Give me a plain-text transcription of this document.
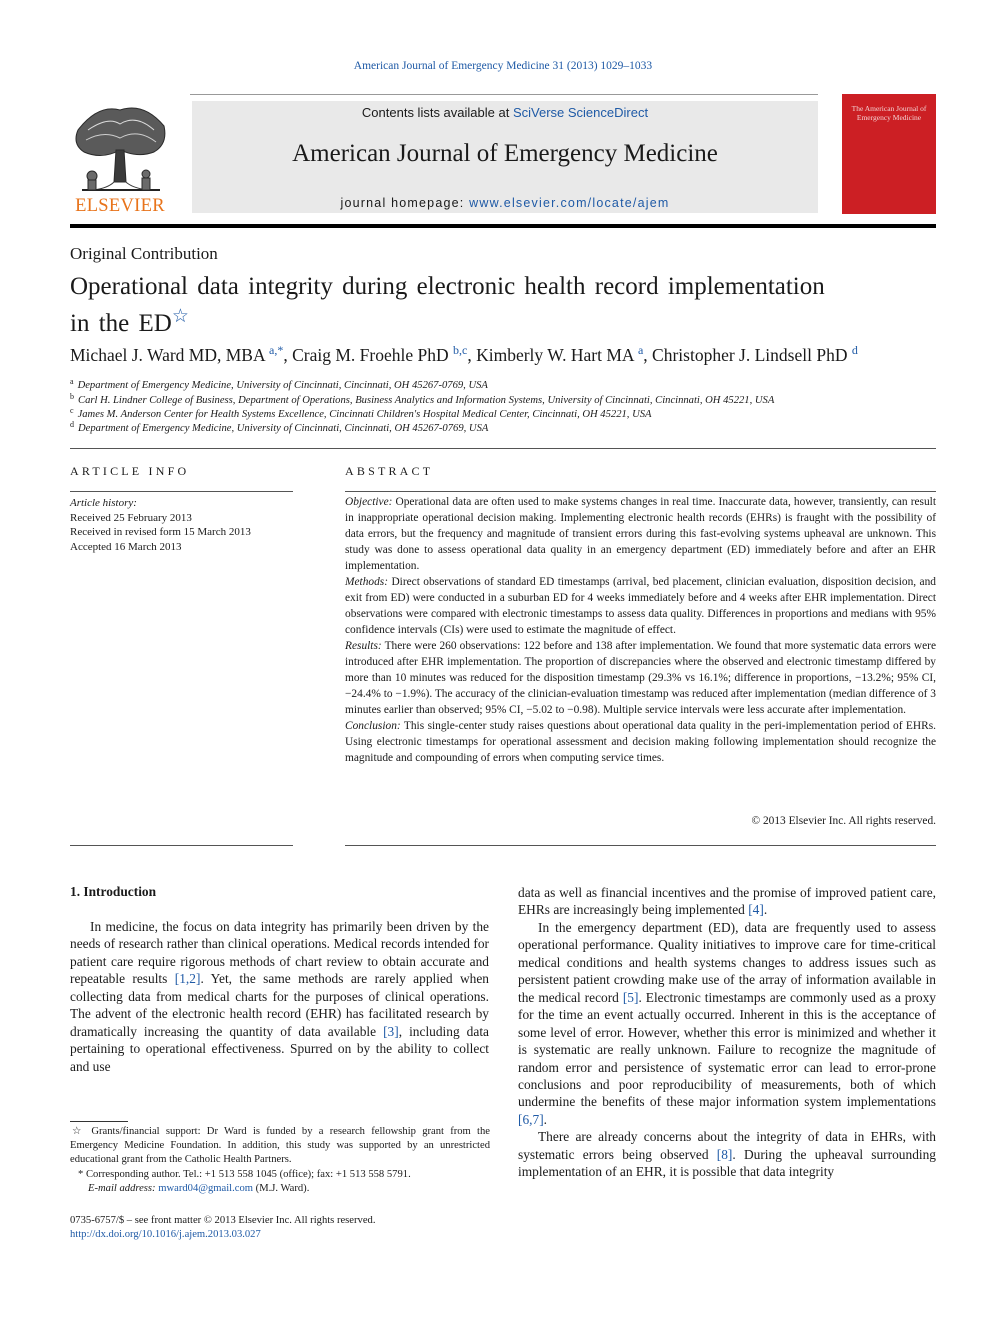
American Journal of Emergency Medicine 31 (2013) 1029–1033
ELSEVIER
Contents lists available at SciVerse ScienceDirect
American Journal of Emergency Medicine
journal homepage: www.elsevier.com/locate/ajem
The American Journal of Emergency Medicine
Original Contribution
Operational data integrity during electronic health record implementation
in the ED☆
Michael J. Ward MD, MBA $^{a,*}$, Craig M. Froehle PhD $^{b,c}$, Kimberly W. Hart MA $^a$, Christopher J. Lindsell PhD $^d$
$^a$ Department of Emergency Medicine, University of Cincinnati, Cincinnati, OH 45267-0769, USA
$^b$ Carl H. Lindner College of Business, Department of Operations, Business Analytics and Information Systems, University of Cincinnati, Cincinnati, OH 45221, USA
$^c$ James M. Anderson Center for Health Systems Excellence, Cincinnati Children's Hospital Medical Center, Cincinnati, OH 45221, USA
$^d$ Department of Emergency Medicine, University of Cincinnati, Cincinnati, OH 45267-0769, USA
ARTICLE INFO
Article history:
Received 25 February 2013
Received in revised form 15 March 2013
Accepted 16 March 2013
ABSTRACT

Objective: Operational data are often used to make systems changes in real time. Inaccurate data, however, transiently, can result in inappropriate operational decision making. Implementing electronic health records (EHRs) is fraught with the possibility of data errors, but the frequency and magnitude of transient errors during this fast-evolving systems upheaval are unknown. This study was done to assess operational data quality in an emergency department (ED) immediately before and after an EHR implementation.

Methods: Direct observations of standard ED timestamps (arrival, bed placement, clinician evaluation, disposition decision, and exit from ED) were conducted in a suburban ED for 4 weeks immediately before and 4 weeks after EHR implementation. Direct observations were compared with electronic timestamps to assess data quality. Differences in proportions and medians with 95% confidence intervals (CIs) were used to estimate the magnitude of effect.

Results: There were 260 observations: 122 before and 138 after implementation. We found that more systematic data errors were introduced after EHR implementation. The proportion of discrepancies where the observed and electronic timestamp differed by more than 10 minutes was reduced for the disposition timestamp (29.3% vs 16.1%; difference in proportions, −13.2%; 95% CI, −24.4% to −1.9%). The accuracy of the clinician-evaluation timestamp was reduced after implementation (median difference of 3 minutes earlier than observed; 95% CI, −5.02 to −0.98). Multiple service intervals were less accurate after implementation.

Conclusion: This single-center study raises questions about operational data quality in the peri-implementation period of EHRs. Using electronic timestamps for operational assessment and decision making following implementation should recognize the magnitude and compounding of errors when computing service times.

© 2013 Elsevier Inc. All rights reserved.
1. Introduction

In medicine, the focus on data integrity has primarily been driven by the needs of research rather than clinical operations. Medical records intended for patient care require rigorous methods of chart review to obtain accurate and repeatable results [1,2]. Yet, the same methods are rarely applied when collecting data from medical charts for the purposes of clinical operations. The advent of the electronic health record (EHR) has facilitated research by dramatically increasing the quantity of data available [3], including data pertaining to operational effectiveness. Spurred on by the ability to collect and use

☆ Grants/financial support: Dr Ward is funded by a research fellowship grant from the Emergency Medicine Foundation. In addition, this study was supported by an unrestricted educational grant from the Catholic Health Partners.

* Corresponding author. Tel.: +1 513 558 1045 (office); fax: +1 513 558 5791.

E-mail address: mward04@gmail.com (M.J. Ward).

0735-6757/$ – see front matter © 2013 Elsevier Inc. All rights reserved.
http://dx.doi.org/10.1016/j.ajem.2013.03.027

data as well as financial incentives and the promise of improved patient care, EHRs are increasingly being implemented [4].

In the emergency department (ED), data are frequently used to assess operational performance. Quality initiatives to improve care for time-critical medical conditions and health systems changes to address issues such as persistent patient crowding make use of the array of information available in the medical record [5]. Electronic timestamps are commonly used as a proxy for the time an event actually occurred. Inherent in this is the acceptance of some level of error. However, whether this error is minimized and whether it is systematic are really unknown. Failure to recognize the magnitude of random error and persistence of systematic error can lead to error-prone conclusions and poor reproducibility of measurements, both of which undermine the benefits of these major information system implementations [6,7].

There are already concerns about the integrity of data in EHRs, with systematic errors being observed [8]. During the upheaval surrounding implementation of an EHR, it is possible that data integrity
